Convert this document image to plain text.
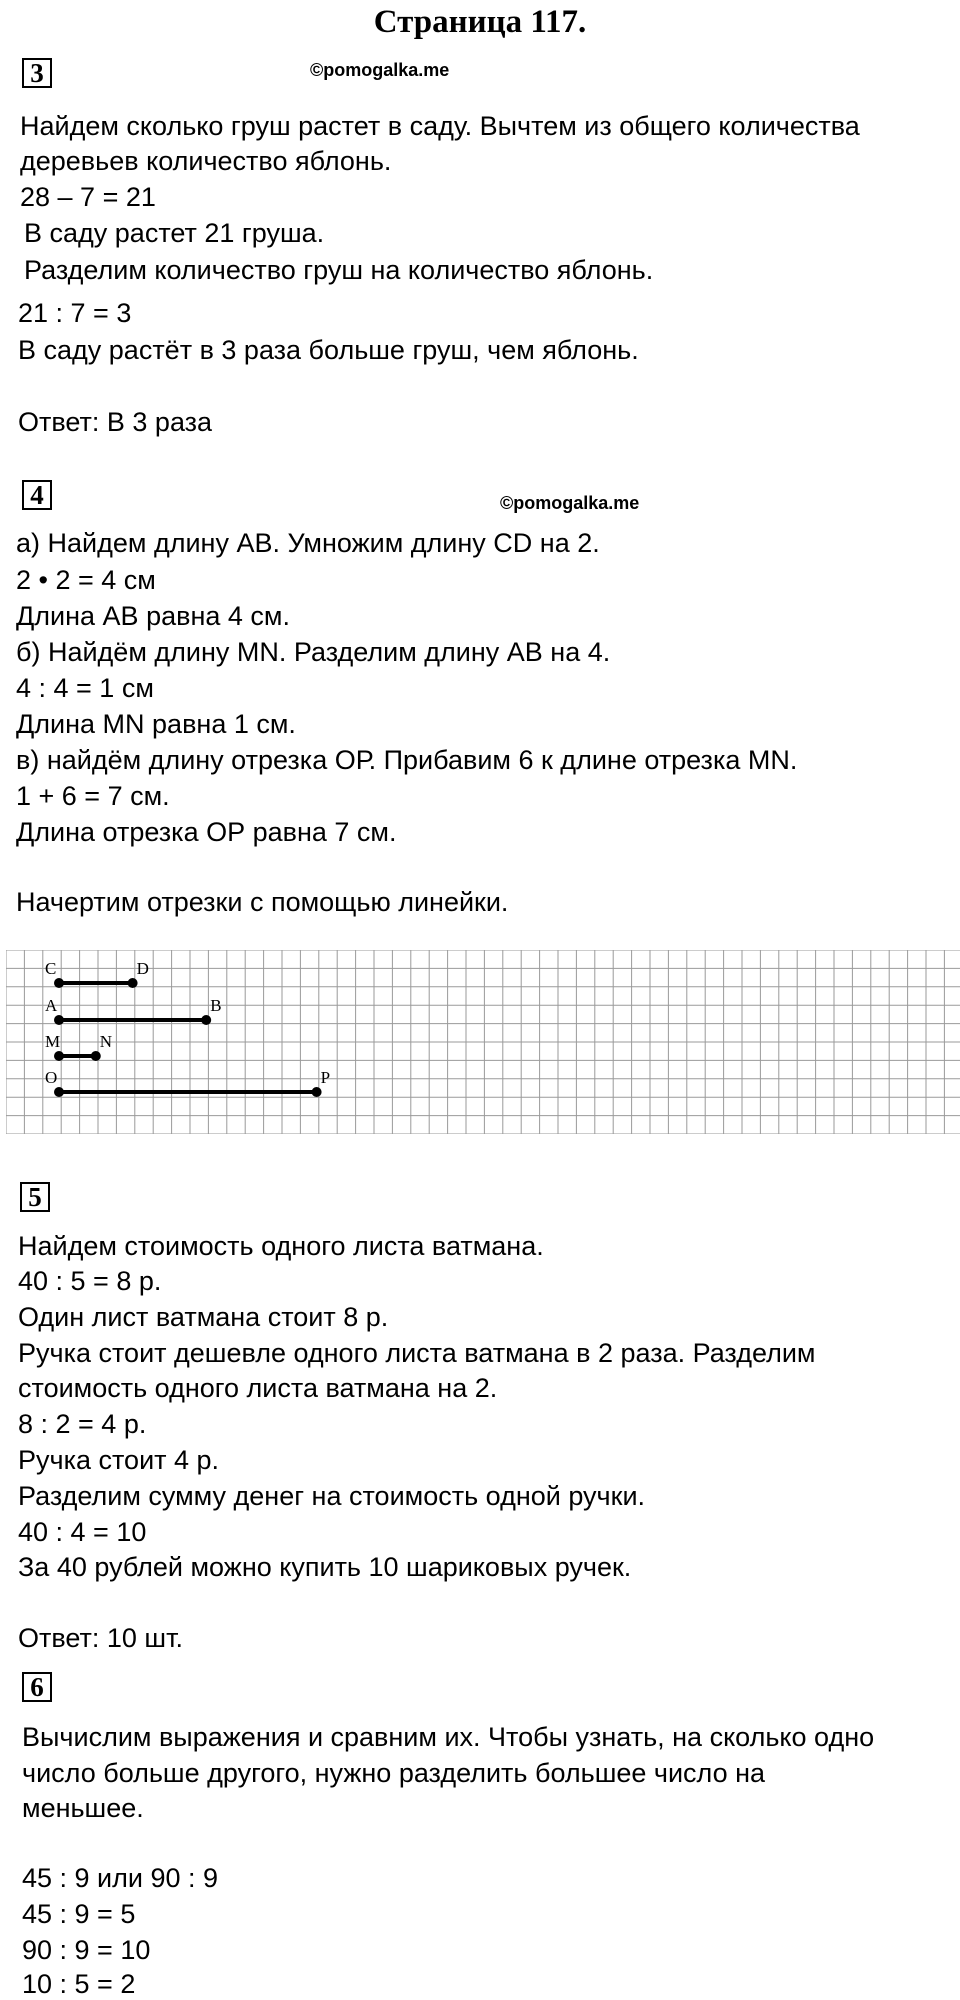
Страница 117.
3	©pomogalka.me
Найдем сколько груш растет в саду. Вычтем из общего количества
деревьев количество яблонь.
28 – 7 = 21
В саду растет 21 груша.
Разделим количество груш на количество яблонь.
21 : 7 = 3
В саду растёт в 3 раза больше груш, чем яблонь.
Ответ: В 3 раза
4	©pomogalka.me
а) Найдем длину АВ. Умножим длину CD на 2.
2 • 2 = 4 см
Длина АВ равна 4 см.
б) Найдём длину MN. Разделим длину АВ на 4.
4 : 4 = 1 см
Длина MN равна 1 см.
в) найдём длину отрезка ОР. Прибавим 6 к длине отрезка MN.
1 + 6 = 7 см.
Длина отрезка ОР равна 7 см.
Начертим отрезки с помощью линейки.
C	D
A	B
M N
O	P
5
Найдем стоимость одного листа ватмана.
40 : 5 = 8 р.
Один лист ватмана стоит 8 р.
Ручка стоит дешевле одного листа ватмана в 2 раза. Разделим
стоимость одного листа ватмана на 2.
8 : 2 = 4 р.
Ручка стоит 4 р.
Разделим сумму денег на стоимость одной ручки.
40 : 4 = 10
За 40 рублей можно купить 10 шариковых ручек.
Ответ: 10 шт.
6
Вычислим выражения и сравним их. Чтобы узнать, на сколько одно
число больше другого, нужно разделить большее число на
меньшее.
45 : 9 или 90 : 9
45 : 9 = 5
90 : 9 = 10
10 : 5 = 2
